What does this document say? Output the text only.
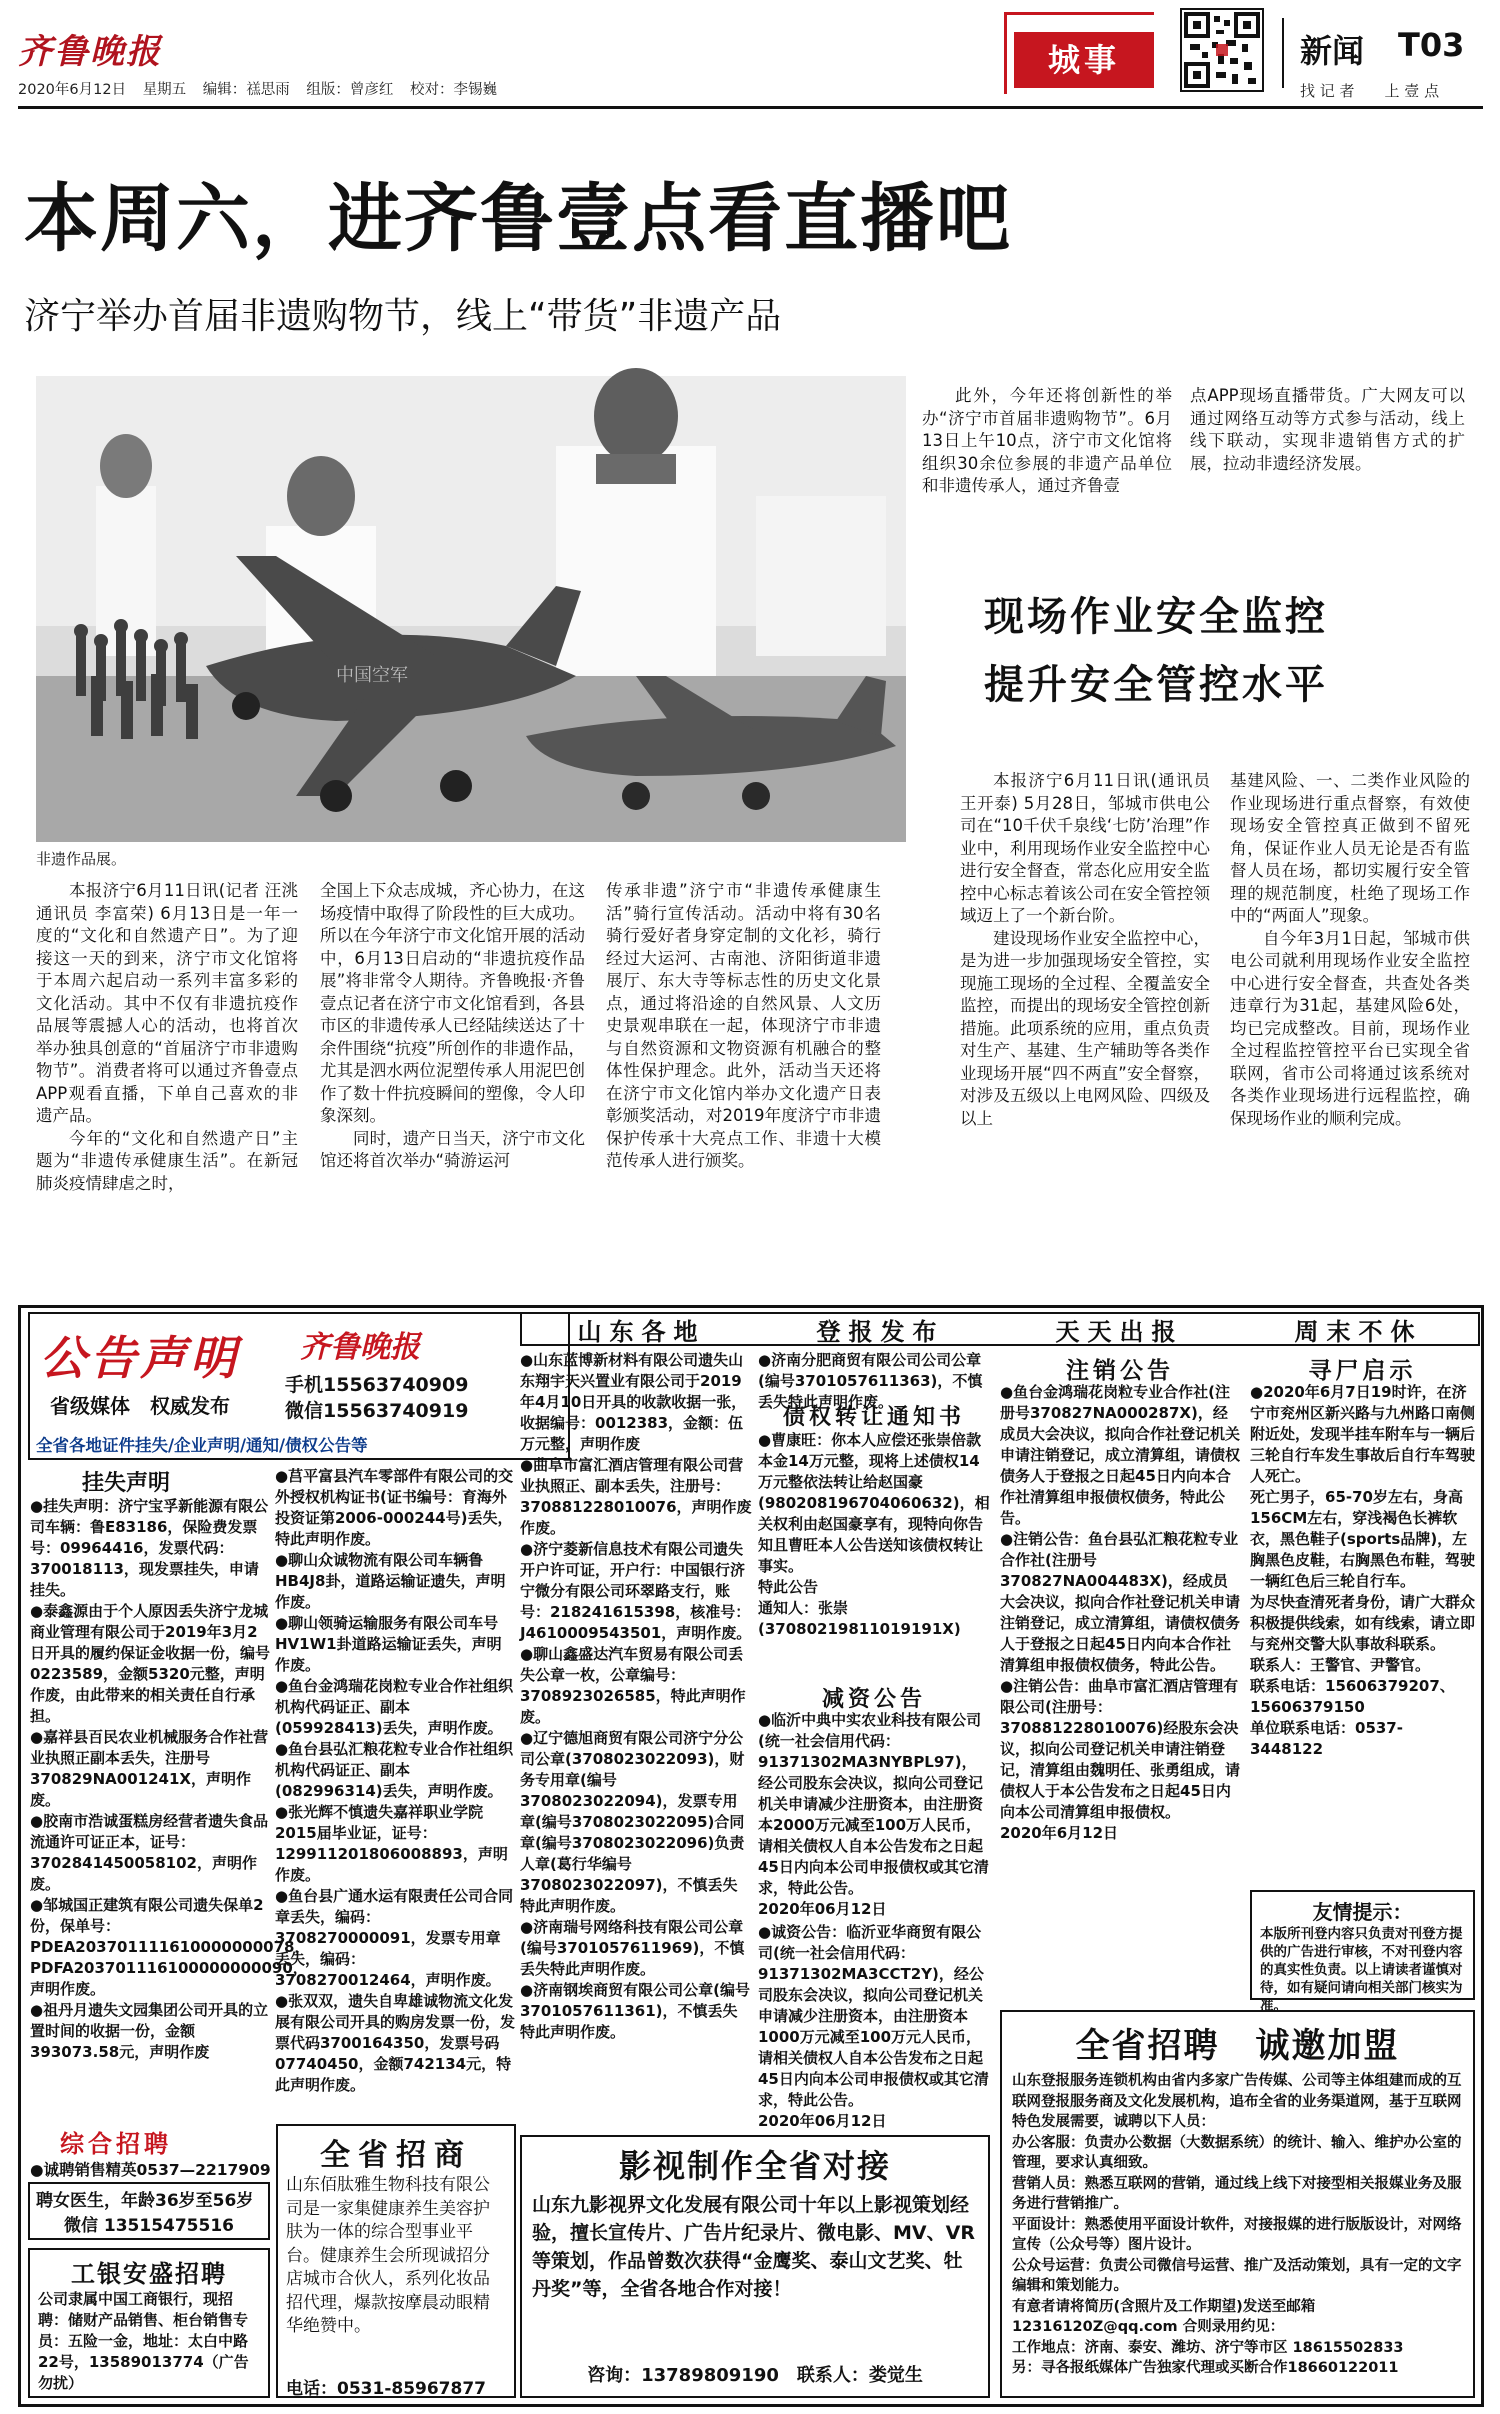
齐鲁晚报
2020年6月12日 星期五 编辑：禚思雨 组版：曾彦红 校对：李锡巍
城事	新闻 T03
找 记 者　　上 壹 点
本周六，进齐鲁壹点看直播吧
济宁举办首届非遗购物节，线上“带货”非遗产品
中国空军
非遗作品展。

此外，今年还将创新性的举办“济宁市首届非遗购物节”。6月13日上午10点，济宁市文化馆将组织30余位参展的非遗产品单位和非遗传承人，通过齐鲁壹

点APP现场直播带货。广大网友可以通过网络互动等方式参与活动，线上线下联动，实现非遗销售方式的扩展，拉动非遗经济发展。

本报济宁6月11日讯(记者 汪洮 通讯员 李富荣) 6月13日是一年一度的“文化和自然遗产日”。为了迎接这一天的到来，济宁市文化馆将于本周六起启动一系列丰富多彩的文化活动。其中不仅有非遗抗疫作品展等震撼人心的活动，也将首次举办独具创意的“首届济宁市非遗购物节”。消费者将可以通过齐鲁壹点APP观看直播，下单自己喜欢的非遗产品。

今年的“文化和自然遗产日”主题为“非遗传承健康生活”。在新冠肺炎疫情肆虐之时，

全国上下众志成城，齐心协力，在这场疫情中取得了阶段性的巨大成功。所以在今年济宁市文化馆开展的活动中，6月13日启动的“非遗抗疫作品展”将非常令人期待。齐鲁晚报·齐鲁壹点记者在济宁市文化馆看到，各县市区的非遗传承人已经陆续送达了十余件围绕“抗疫”所创作的非遗作品，尤其是泗水两位泥塑传承人用泥巴创作了数十件抗疫瞬间的塑像，令人印象深刻。

同时，遗产日当天，济宁市文化馆还将首次举办“骑游运河

传承非遗”济宁市“非遗传承健康生活”骑行宣传活动。活动中将有30名骑行爱好者身穿定制的文化衫，骑行经过大运河、古南池、济阳街道非遗展厅、东大寺等标志性的历史文化景点，通过将沿途的自然风景、人文历史景观串联在一起，体现济宁市非遗与自然资源和文物资源有机融合的整体性保护理念。此外，活动当天还将在济宁市文化馆内举办文化遗产日表彰颁奖活动，对2019年度济宁市非遗保护传承十大亮点工作、非遗十大模范传承人进行颁奖。

现场作业安全监控
提升安全管控水平

本报济宁6月11日讯(通讯员 王开泰) 5月28日，邹城市供电公司在“10千伏千泉线‘七防’治理”作业中，利用现场作业安全监控中心进行安全督查，常态化应用安全监控中心标志着该公司在安全管控领域迈上了一个新台阶。

建设现场作业安全监控中心，是为进一步加强现场安全管控，实现施工现场的全过程、全覆盖安全监控，而提出的现场安全管控创新措施。此项系统的应用，重点负责对生产、基建、生产辅助等各类作业现场开展“四不两直”安全督察，对涉及五级以上电网风险、四级及以上

基建风险、一、二类作业风险的作业现场进行重点督察，有效使现场安全管控真正做到不留死角，保证作业人员无论是否有监督人员在场，都切实履行安全管理的规范制度，杜绝了现场工作中的“两面人”现象。

自今年3月1日起，邹城市供电公司就利用现场作业安全监控中心进行安全督查，共查处各类违章行为31起，基建风险6处，均已完成整改。目前，现场作业全过程监控管控平台已实现全省联网，省市公司将通过该系统对各类作业现场进行远程监控，确保现场作业的顺利完成。

公告声明 齐鲁晚报
手机15563740909
微信15563740919
省级媒体　权威发布
全省各地证件挂失/企业声明/通知/债权公告等
挂失声明
●挂失声明：济宁宝孚新能源有限公司车辆：鲁E83186，保险费发票号：09964416，发票代码：370018113，现发票挂失，申请挂失。
●泰鑫源由于个人原因丢失济宁龙城商业管理有限公司于2019年3月2日开具的履约保证金收据一份，编号0223589，金额5320元整，声明作废，由此带来的相关责任自行承担。
●嘉祥县百民农业机械服务合作社营业执照正副本丢失，注册号370829NA001241X，声明作废。
●胶南市浩诚蛋糕房经营者遗失食品流通许可证正本，证号：3702841450058102，声明作废。
●邹城国正建筑有限公司遗失保单2份，保单号：PDEA203701111610000000078，PDFA203701116100000000090，声明作废。
●祖丹月遗失文园集团公司开具的立置时间的收据一份，金额393073.58元，声明作废
●莒平富县汽车零部件有限公司的交外授权机构证书(证书编号：育海外投资证第2006-000244号)丢失，特此声明作废。
●聊山众诚物流有限公司车辆鲁HB4J8卦，道路运输证遗失，声明作废。
●聊山领骑运输服务有限公司车号HV1W1卦道路运输证丢失，声明作废。
●鱼台金鸿瑞花岗粒专业合作社组织机构代码证正、副本(059928413)丢失，声明作废。
●鱼台县弘汇粮花粒专业合作社组织机构代码证正、副本(082996314)丢失，声明作废。
●张光辉不慎遗失嘉祥职业学院2015届毕业证，证号：129911201806008893，声明作废。
●鱼台县广通水运有限责任公司合同章丢失，编码：3708270000091，发票专用章丢失，编码：3708270012464，声明作废。
●张双双，遗失自卑雄诚物流文化发展有限公司开具的购房发票一份，发票代码3700164350，发票号码07740450，金额742134元，特此声明作废。
山东各地	登报发布	天天出报	周末不休
●山东蓝博新材料有限公司遗失山东翔宇天兴置业有限公司于2019年4月10日开具的收款收据一张，收据编号：0012383，金额：伍万元整，声明作废
●曲阜市富汇酒店管理有限公司营业执照正、副本丢失，注册号：370881228010076，声明作废作废。
●济宁菱新信息技术有限公司遗失开户许可证，开户行：中国银行济宁微分有限公司环翠路支行，账号：218241615398，核准号：J4610009543501，声明作废。
●聊山鑫盛达汽车贸易有限公司丢失公章一枚，公章编号：3708923026585，特此声明作废。
●辽宁德旭商贸有限公司济宁分公司公章(3708023022093)，财务专用章(编号3708023022094)，发票专用章(编号3708023022095)合同章(编号3708023022096)负责人章(葛行华编号3708023022097)，不慎丢失特此声明作废。
●济南瑞号网络科技有限公司公章(编号3701057611969)，不慎丢失特此声明作废。
●济南钢埃商贸有限公司公章(编号3701057611361)，不慎丢失特此声明作废。
●济南分肥商贸有限公司公司公章(编号3701057611363)，不慎丢失特此声明作废。
债权转让通知书
●曹康旺：你本人应偿还张崇倍款本金14万元整，现将上述债权14万元整依法转让给赵国豪(980208196704060632)，相关权利由赵国豪享有，现特向你告知且曹旺本人公告送知该债权转让事实。
特此公告
通知人：张崇(37080219811019191X)
减资公告
●临沂中典中实农业科技有限公司(统一社会信用代码：91371302MA3NYBPL97)，经公司股东会决议，拟向公司登记机关申请减少注册资本，由注册资本2000万元减至100万人民币，请相关债权人自本公告发布之日起45日内向本公司申报债权或其它清求，特此公告。
2020年06月12日
●诚资公告：临沂亚华商贸有限公司(统一社会信用代码：91371302MA3CCT2Y)，经公司股东会决议，拟向公司登记机关申请减少注册资本，由注册资本1000万元减至100万元人民币，请相关债权人自本公告发布之日起45日内向本公司申报债权或其它清求，特此公告。
2020年06月12日
注销公告
●鱼台金鸿瑞花岗粒专业合作社(注册号370827NA000287X)，经成员大会决议，拟向合作社登记机关申请注销登记，成立清算组，请债权债务人于登报之日起45日内向本合作社清算组申报债权债务，特此公告。
●注销公告：鱼台县弘汇粮花粒专业合作社(注册号370827NA004483X)，经成员大会决议，拟向合作社登记机关申请注销登记，成立清算组，请债权债务人于登报之日起45日内向本合作社清算组申报债权债务，特此公告。
●注销公告：曲阜市富汇酒店管理有限公司(注册号：370881228010076)经股东会决议，拟向公司登记机关申请注销登记，清算组由魏明任、张勇组成，请债权人于本公告发布之日起45日内向本公司清算组申报债权。
2020年6月12日
寻尸启示
●2020年6月7日19时许，在济宁市兖州区新兴路与九州路口南侧附近处，发现半挂车附车与一辆后三轮自行车发生事故后自行车驾驶人死亡。
死亡男子，65-70岁左右，身高156CM左右，穿浅褐色长裤软衣，黑色鞋子(sports品牌)，左胸黑色皮鞋，右胸黑色布鞋，驾驶一辆红色后三轮自行车。
为尽快查清死者身份，请广大群众积极提供线索，如有线索，请立即与兖州交警大队事故科联系。
联系人：王警官、尹警官。
联系电话：15606379207、15606379150
单位联系电话：0537-3448122
友情提示：
本版所刊登内容只负责对刊登方提供的广告进行审核，不对刊登内容的真实性负责。以上请读者谨慎对待，如有疑问请向相关部门核实为准。
综合招聘
●诚聘销售精英0537—2217909
聘女医生，年龄36岁至56岁
微信 13515475516
工银安盛招聘
公司隶属中国工商银行，现招聘：储财产品销售、柜台销售专员：五险一金，地址：太白中路22号，13589013774（广告勿扰）
全省招商
山东佰肽雅生物科技有限公司是一家集健康养生美容护肤为一体的综合型事业平台。健康养生会所现诚招分店城市合伙人，系列化妆品招代理，爆款按摩晨动眼精华绝赞中。
电话：0531-85967877
影视制作全省对接
山东九影视界文化发展有限公司十年以上影视策划经验，擅长宣传片、广告片纪录片、微电影、MV、VR等策划，作品曾数次获得“金鹰奖、泰山文艺奖、牡丹奖”等，全省各地合作对接！
咨询：13789809190　联系人：娄觉生
全省招聘　诚邀加盟
山东登报服务连锁机构由省内多家广告传媒、公司等主体组建而成的互联网登报服务商及文化发展机构，追布全省的业务渠道网，基于互联网特色发展需要，诚聘以下人员：
办公客服：负责办公数据（大数据系统）的统计、输入、维护办公室的管理，要求认真细致。
营销人员：熟悉互联网的营销，通过线上线下对接型相关报媒业务及服务进行营销推广。
平面设计：熟悉使用平面设计软件，对接报媒的进行版版设计，对网络宣传（公众号等）图片设计。
公众号运营：负责公司微信号运营、推广及活动策划，具有一定的文字编辑和策划能力。
有意者请将简历(含照片及工作期望)发送至邮箱 12316120Z@qq.com 合则录用约见：
工作地点：济南、泰安、潍坊、济宁等市区 18615502833
另：寻各报纸媒体广告独家代理或买断合作18660122011
